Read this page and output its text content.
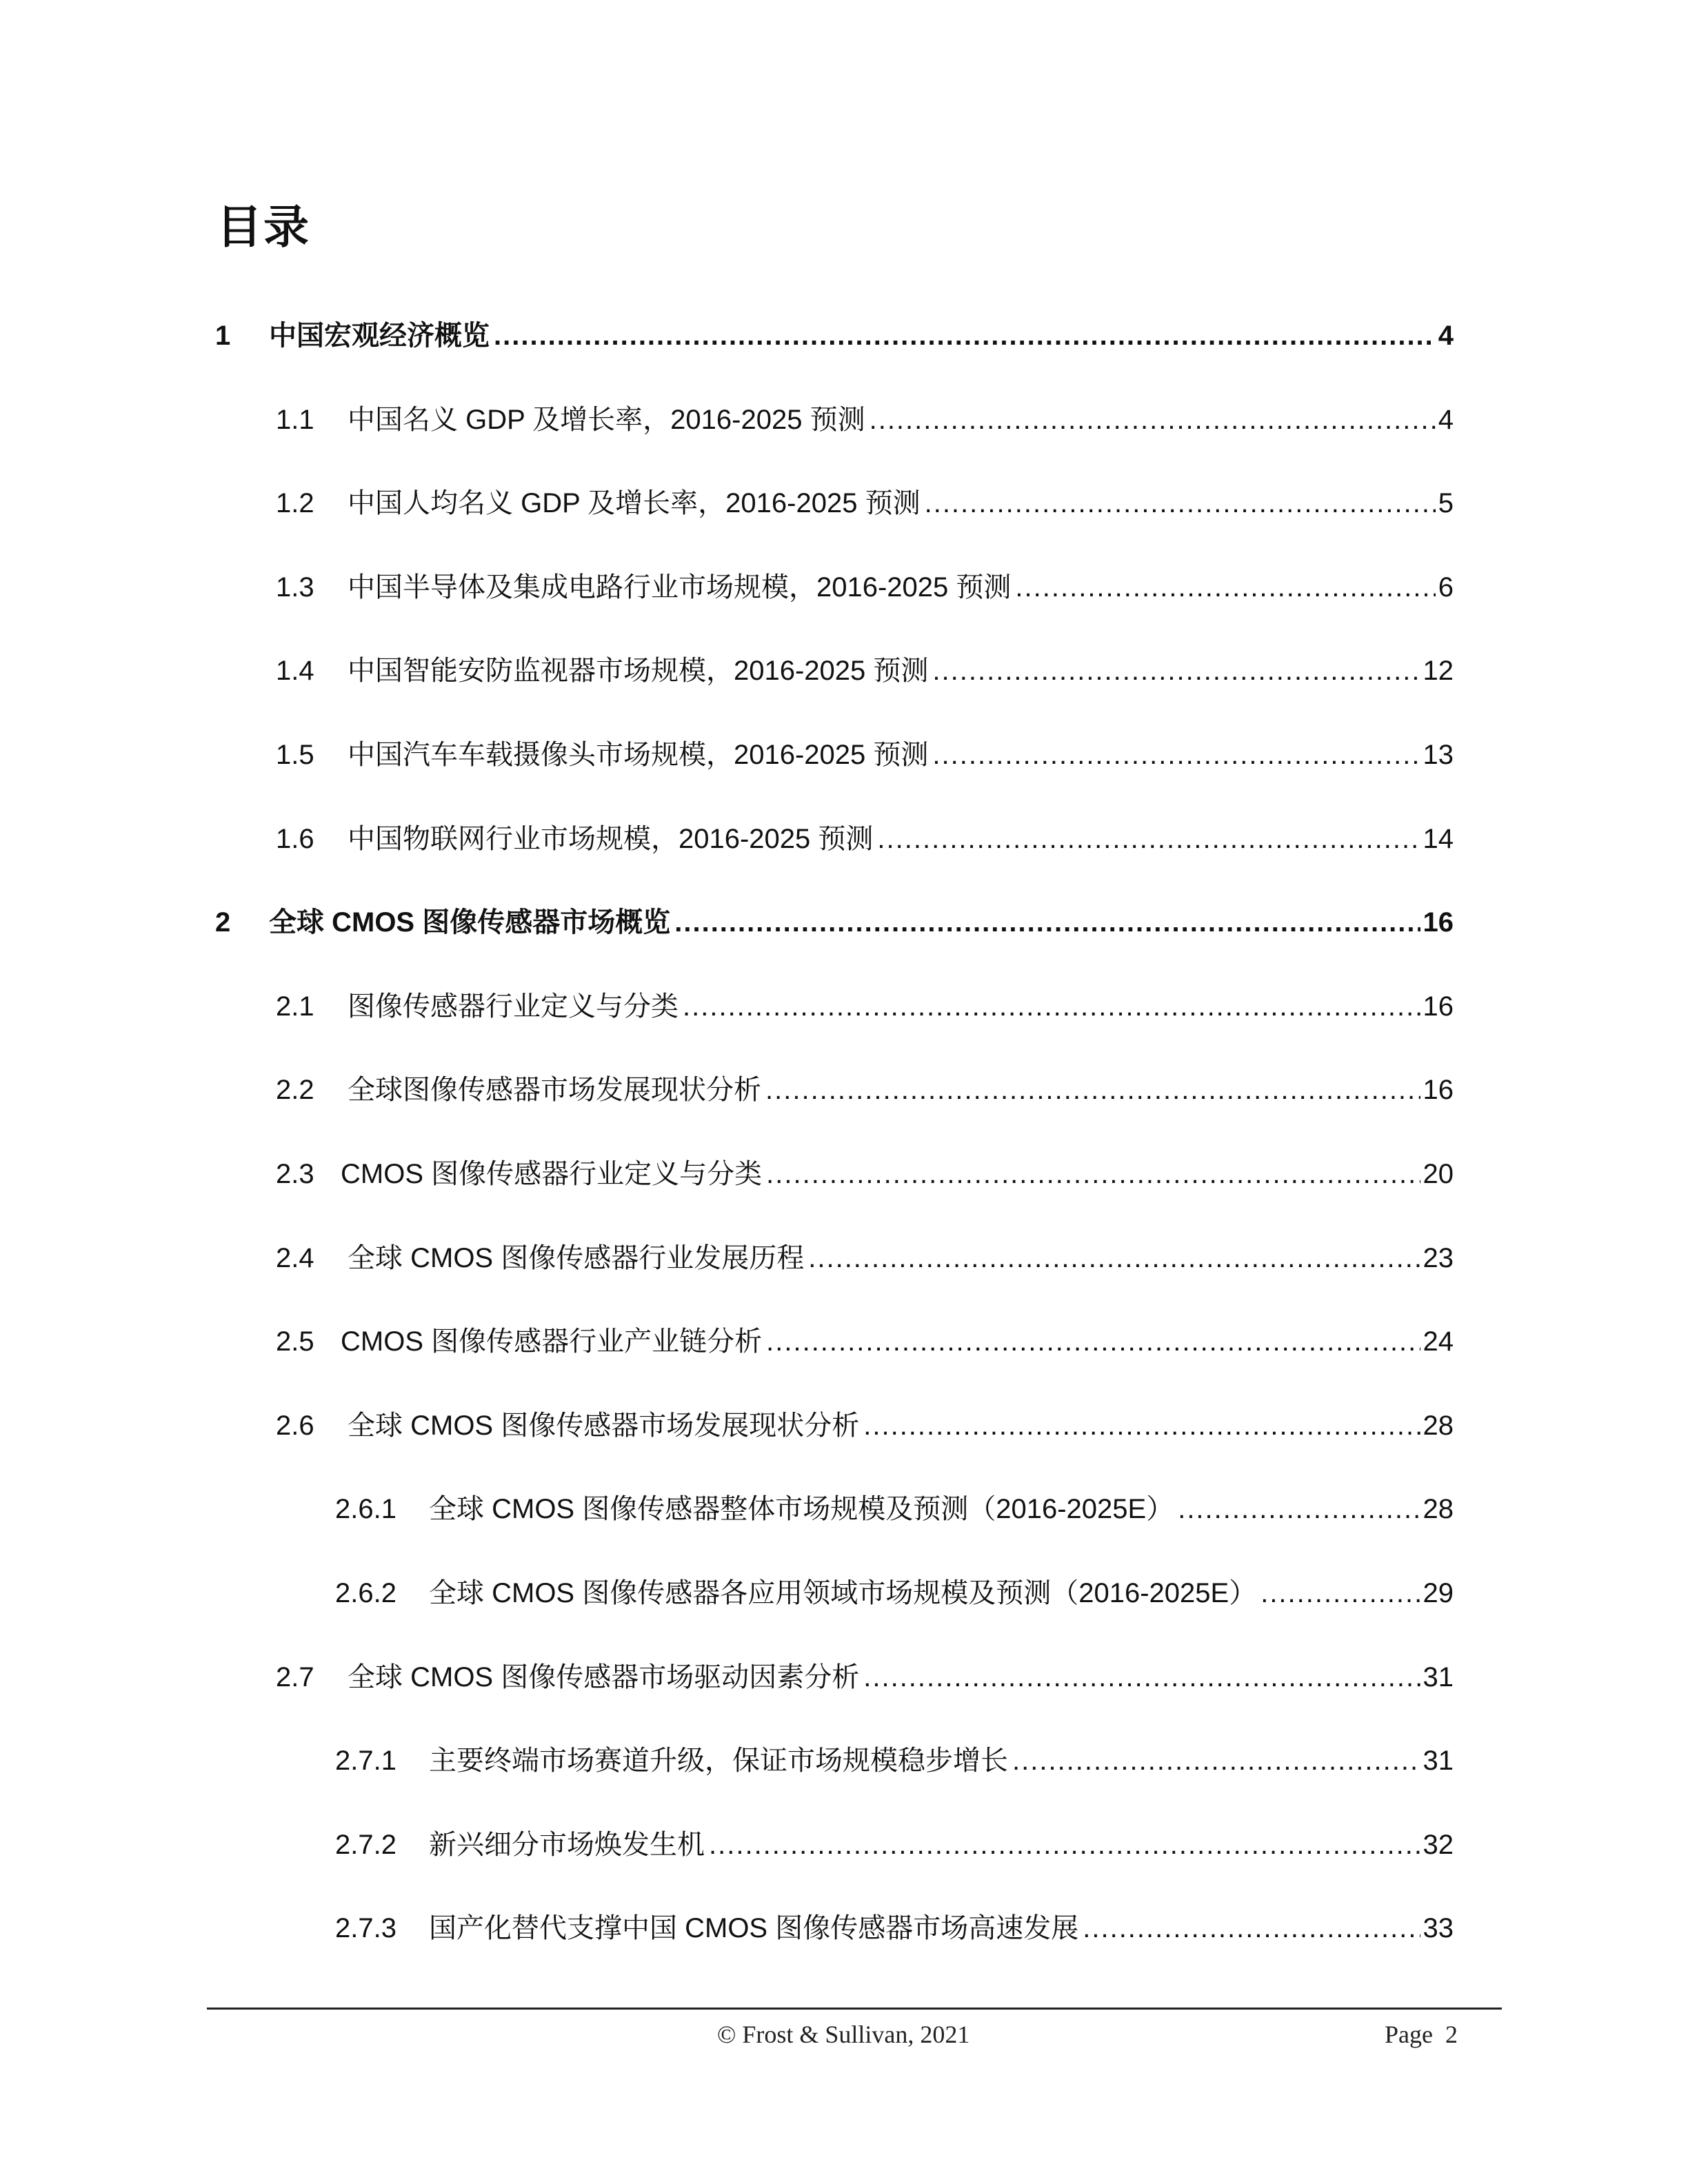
目录
1 中国宏观经济概览 .....	4
1.1 中国名义 GDP 及增长率，2016-2025 预测 .....	4
1.2 中国人均名义 GDP 及增长率，2016-2025 预测 .....	5
1.3 中国半导体及集成电路行业市场规模，2016-2025 预测 .....	6
1.4 中国智能安防监视器市场规模，2016-2025 预测 .....	12
1.5 中国汽车车载摄像头市场规模，2016-2025 预测 .....	13
1.6 中国物联网行业市场规模，2016-2025 预测 .....	14
2 全球 CMOS 图像传感器市场概览 .....	16
2.1 图像传感器行业定义与分类 .....	16
2.2 全球图像传感器市场发展现状分析 .....	16
2.3 CMOS 图像传感器行业定义与分类 .....	20
2.4 全球 CMOS 图像传感器行业发展历程 .....	23
2.5 CMOS 图像传感器行业产业链分析 .....	24
2.6 全球 CMOS 图像传感器市场发展现状分析 .....	28
2.6.1 全球 CMOS 图像传感器整体市场规模及预测（2016-2025E） .....	28
2.6.2 全球 CMOS 图像传感器各应用领域市场规模及预测（2016-2025E） .....	29
2.7 全球 CMOS 图像传感器市场驱动因素分析 .....	31
2.7.1 主要终端市场赛道升级，保证市场规模稳步增长 .....	31
2.7.2 新兴细分市场焕发生机 .....	32
2.7.3 国产化替代支撑中国 CMOS 图像传感器市场高速发展 .....	33
© Frost & Sullivan, 2021	Page  2
